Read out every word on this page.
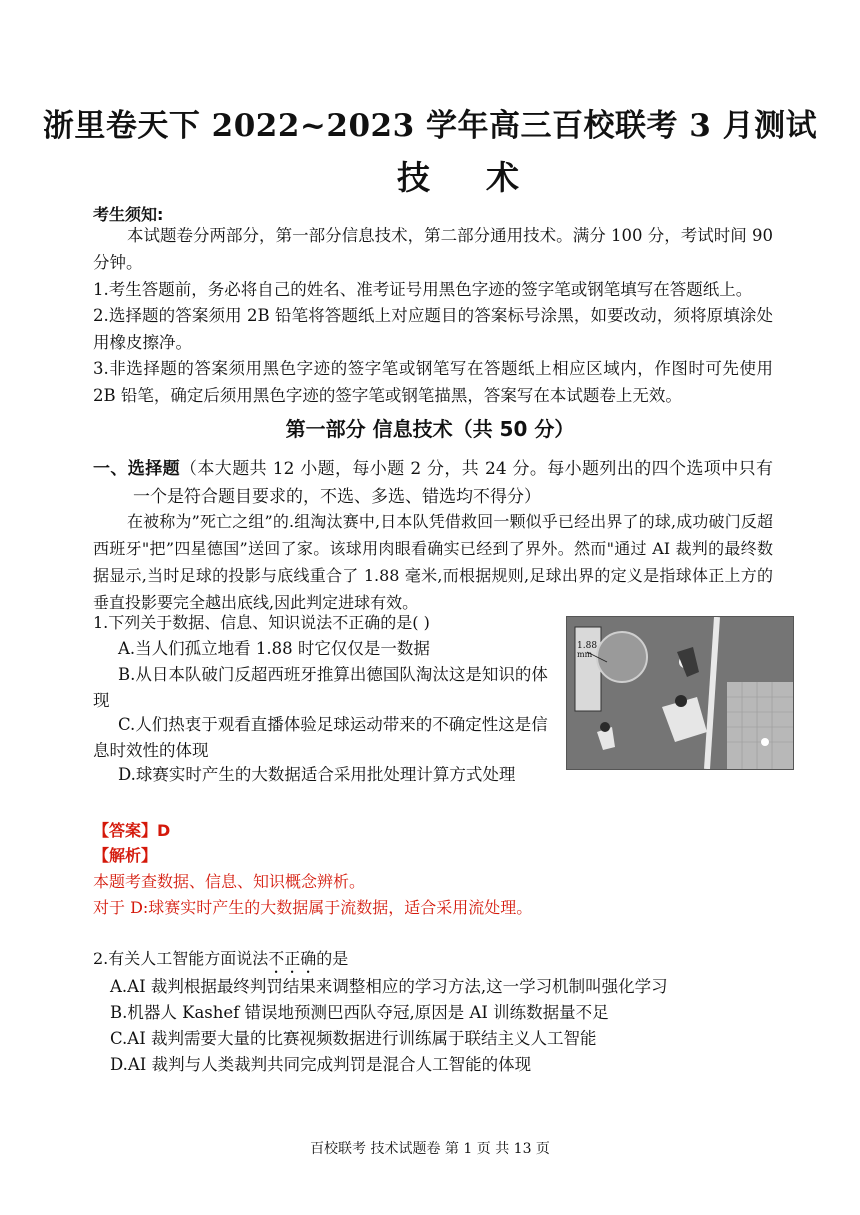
浙里卷天下 2022~2023 学年高三百校联考 3 月测试
技术
考生须知:
本试题卷分两部分，第一部分信息技术，第二部分通用技术。满分 100 分，考试时间 90 分钟。
1.考生答题前，务必将自己的姓名、准考证号用黑色字迹的签字笔或钢笔填写在答题纸上。
2.选择题的答案须用 2B 铅笔将答题纸上对应题目的答案标号涂黑，如要改动，须将原填涂处用橡皮擦净。
3.非选择题的答案须用黑色字迹的签字笔或钢笔写在答题纸上相应区域内，作图时可先使用 2B 铅笔，确定后须用黑色字迹的签字笔或钢笔描黑，答案写在本试题卷上无效。
第一部分 信息技术（共 50 分）
一、选择题（本大题共 12 小题，每小题 2 分，共 24 分。每小题列出的四个选项中只有一个是符合题目要求的，不选、多选、错选均不得分）
在被称为”死亡之组”的.组淘汰赛中,日本队凭借救回一颗似乎已经出界了的球,成功破门反超西班牙"把”四星德国”送回了家。该球用肉眼看确实已经到了界外。然而"通过 AI 裁判的最终数据显示,当时足球的投影与底线重合了 1.88 毫米,而根据规则,足球出界的定义是指球体正上方的垂直投影要完全越出底线,因此判定进球有效。
1.下列关于数据、信息、知识说法不正确的是( )
A.当人们孤立地看 1.88 时它仅仅是一数据
B.从日本队破门反超西班牙推算出德国队淘汰这是知识的体现
C.人们热衷于观看直播体验足球运动带来的不确定性这是信息时效性的体现
D.球赛实时产生的大数据适合采用批处理计算方式处理
1.88
mm
【答案】D
【解析】
本题考查数据、信息、知识概念辨析。
对于 D:球赛实时产生的大数据属于流数据，适合采用流处理。
2.有关人工智能方面说法不正确的是
A.AI 裁判根据最终判罚结果来调整相应的学习方法,这一学习机制叫强化学习
B.机器人 Kashef 错误地预测巴西队夺冠,原因是 AI 训练数据量不足
C.AI 裁判需要大量的比赛视频数据进行训练属于联结主义人工智能
D.AI 裁判与人类裁判共同完成判罚是混合人工智能的体现
百校联考 技术试题卷 第 1 页 共 13 页
